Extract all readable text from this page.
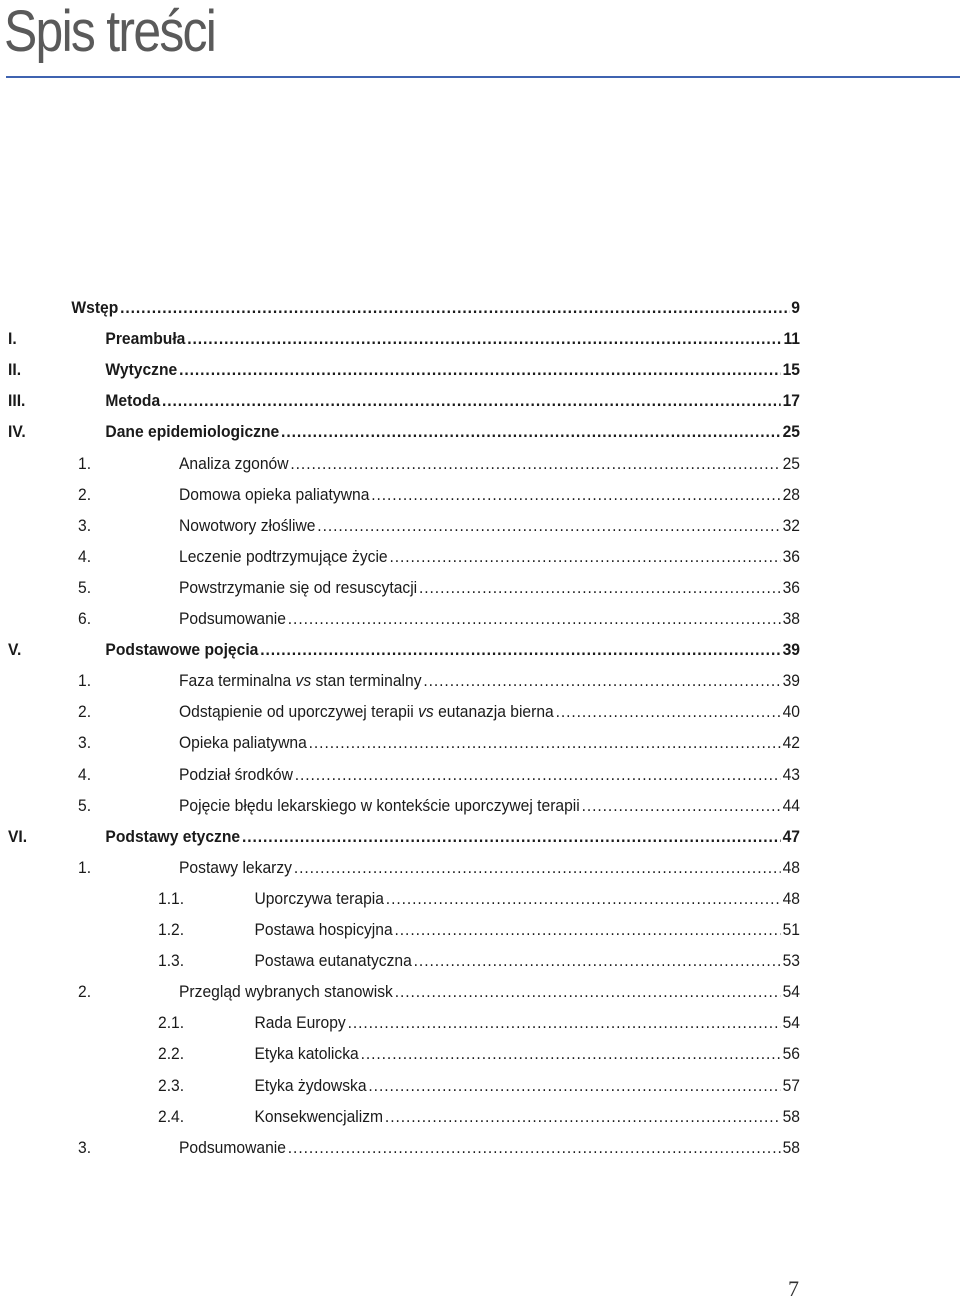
Spis treści
Wstęp .....	9
I.	Preambuła .....	11
II.	Wytyczne .....	15
III.	Metoda .....	17
IV.	Dane epidemiologiczne .....	25
1.	Analiza zgonów .....	25
2.	Domowa opieka paliatywna .....	28
3.	Nowotwory złośliwe .....	32
4.	Leczenie podtrzymujące życie .....	36
5.	Powstrzymanie się od resuscytacji .....	36
6.	Podsumowanie .....	38
V.	Podstawowe pojęcia .....	39
1.	Faza terminalna vs stan terminalny .....	39
2.	Odstąpienie od uporczywej terapii vs eutanazja bierna .....	40
3.	Opieka paliatywna .....	42
4.	Podział środków .....	43
5.	Pojęcie błędu lekarskiego w kontekście uporczywej terapii .....	44
VI.	Podstawy etyczne .....	47
1.	Postawy lekarzy .....	48
1.1.	Uporczywa terapia .....	48
1.2.	Postawa hospicyjna .....	51
1.3.	Postawa eutanatyczna .....	53
2.	Przegląd wybranych stanowisk .....	54
2.1.	Rada Europy .....	54
2.2.	Etyka katolicka .....	56
2.3.	Etyka żydowska .....	57
2.4.	Konsekwencjalizm .....	58
3.	Podsumowanie .....	58
7
